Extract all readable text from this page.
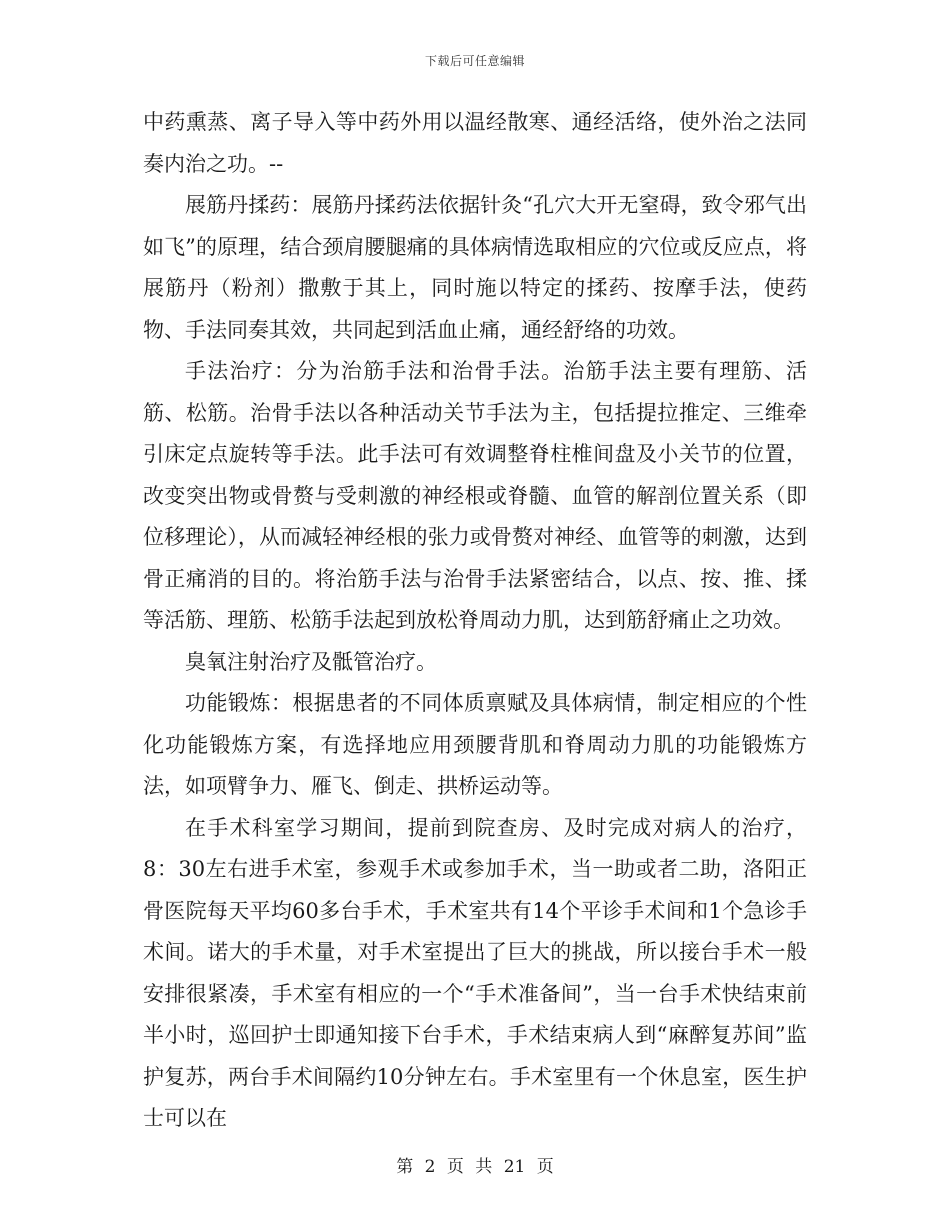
下载后可任意编辑

中药熏蒸、离子导入等中药外用以温经散寒、通经活络，使外治之法同奏内治之功。--

展筋丹揉药：展筋丹揉药法依据针灸“孔穴大开无窒碍，致令邪气出如飞”的原理，结合颈肩腰腿痛的具体病情选取相应的穴位或反应点，将展筋丹（粉剂）撒敷于其上，同时施以特定的揉药、按摩手法，使药物、手法同奏其效，共同起到活血止痛，通经舒络的功效。

手法治疗：分为治筋手法和治骨手法。治筋手法主要有理筋、活筋、松筋。治骨手法以各种活动关节手法为主，包括提拉推定、三维牵引床定点旋转等手法。此手法可有效调整脊柱椎间盘及小关节的位置，改变突出物或骨赘与受刺激的神经根或脊髓、血管的解剖位置关系（即位移理论），从而减轻神经根的张力或骨赘对神经、血管等的刺激，达到骨正痛消的目的。将治筋手法与治骨手法紧密结合，以点、按、推、揉等活筋、理筋、松筋手法起到放松脊周动力肌，达到筋舒痛止之功效。

臭氧注射治疗及骶管治疗。

功能锻炼：根据患者的不同体质禀赋及具体病情，制定相应的个性化功能锻炼方案，有选择地应用颈腰背肌和脊周动力肌的功能锻炼方法，如项臂争力、雁飞、倒走、拱桥运动等。

在手术科室学习期间，提前到院查房、及时完成对病人的治疗，8：30左右进手术室，参观手术或参加手术，当一助或者二助，洛阳正骨医院每天平均60多台手术，手术室共有14个平诊手术间和1个急诊手术间。诺大的手术量，对手术室提出了巨大的挑战，所以接台手术一般安排很紧凑，手术室有相应的一个“手术准备间”，当一台手术快结束前半小时，巡回护士即通知接下台手术，手术结束病人到“麻醉复苏间”监护复苏，两台手术间隔约10分钟左右。手术室里有一个休息室，医生护士可以在

第 2 页 共 21 页
